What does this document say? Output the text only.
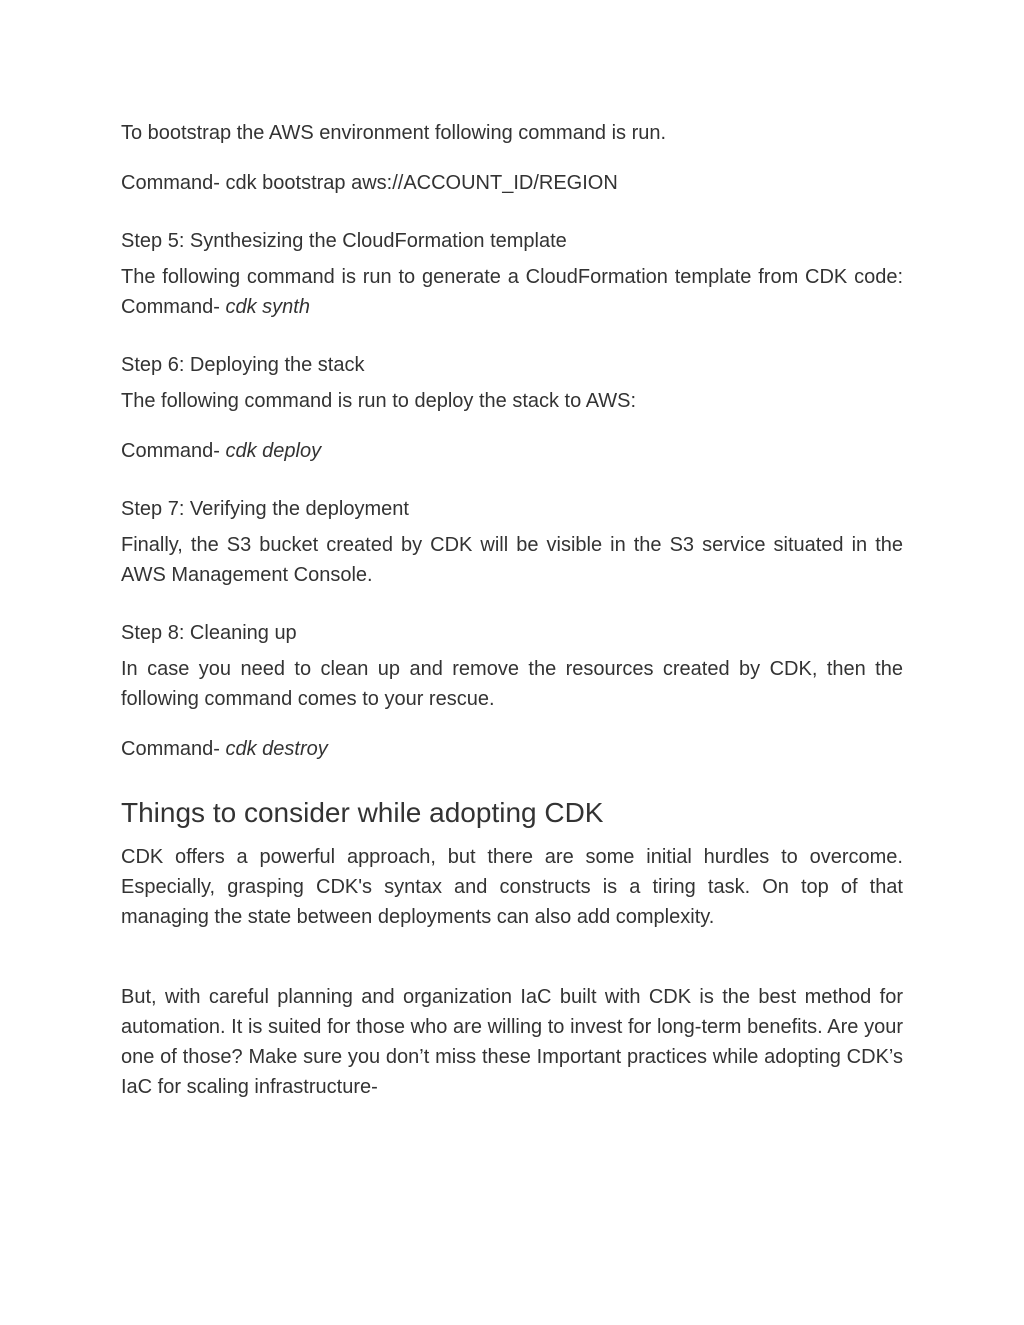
To bootstrap the AWS environment following command is run.

Command- cdk bootstrap aws://ACCOUNT_ID/REGION

Step 5: Synthesizing the CloudFormation template

The following command is run to generate a CloudFormation template from CDK code: Command- cdk synth

Step 6: Deploying the stack

The following command is run to deploy the stack to AWS:

Command- cdk deploy

Step 7: Verifying the deployment

Finally, the S3 bucket created by CDK will be visible in the S3 service situated in the AWS Management Console.

Step 8: Cleaning up

In case you need to clean up and remove the resources created by CDK, then the following command comes to your rescue.

Command- cdk destroy

Things to consider while adopting CDK

CDK offers a powerful approach, but there are some initial hurdles to overcome. Especially, grasping CDK's syntax and constructs is a tiring task. On top of that managing the state between deployments can also add complexity.

But, with careful planning and organization IaC built with CDK is the best method for automation. It is suited for those who are willing to invest for long-term benefits. Are your one of those? Make sure you don’t miss these Important practices while adopting CDK’s IaC for scaling infrastructure-
